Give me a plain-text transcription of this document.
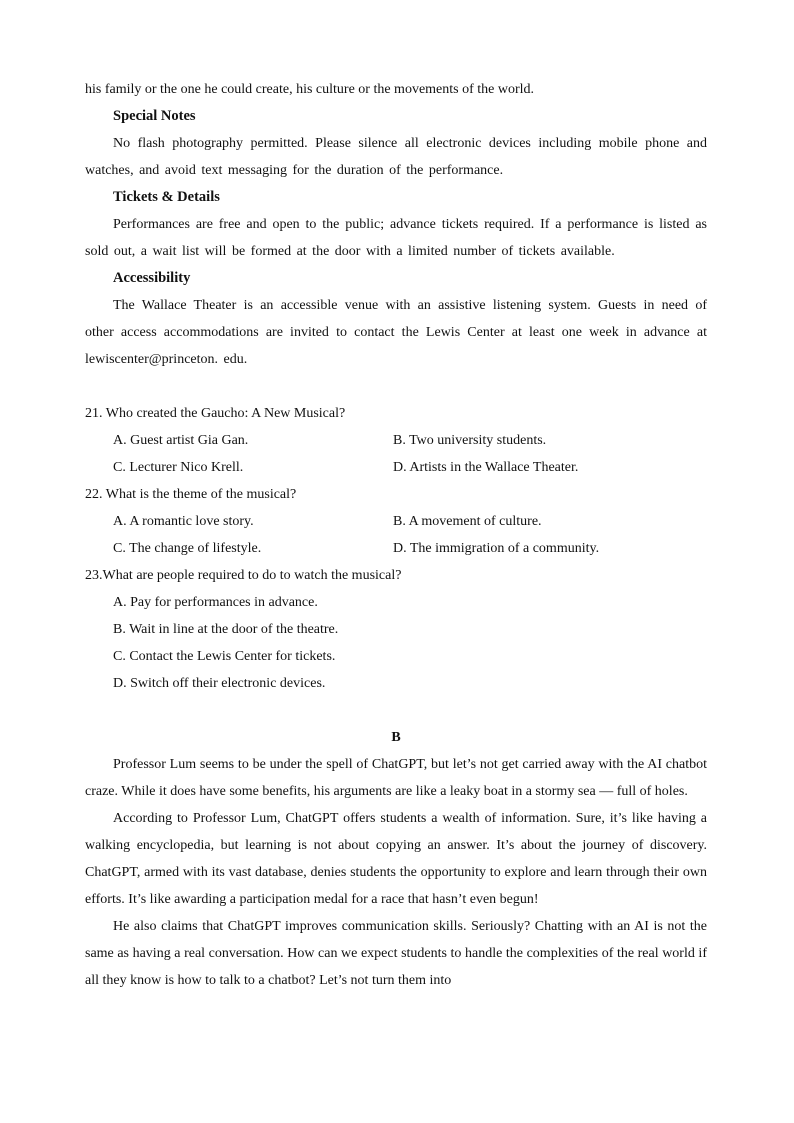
his family or the one he could create, his culture or the movements of the world.

Special Notes

No flash photography permitted. Please silence all electronic devices including mobile phone and watches, and avoid text messaging for the duration of the performance.

Tickets & Details

Performances are free and open to the public; advance tickets required. If a performance is listed as sold out, a wait list will be formed at the door with a limited number of tickets available.

Accessibility

The Wallace Theater is an accessible venue with an assistive listening system. Guests in need of other access accommodations are invited to contact the Lewis Center at least one week in advance at lewiscenter@princeton. edu.

21. Who created the Gaucho: A New Musical?

A. Guest artist Gia Gan.	B. Two university students.
C. Lecturer Nico Krell.	D. Artists in the Wallace Theater.

22. What is the theme of the musical?

A. A romantic love story.	B. A movement of culture.
C. The change of lifestyle.	D. The immigration of a community.

23.What are people required to do to watch the musical?

A. Pay for performances in advance.
B. Wait in line at the door of the theatre.
C. Contact the Lewis Center for tickets.
D. Switch off their electronic devices.
B

Professor Lum seems to be under the spell of ChatGPT, but let’s not get carried away with the AI chatbot craze. While it does have some benefits, his arguments are like a leaky boat in a stormy sea — full of holes.

According to Professor Lum, ChatGPT offers students a wealth of information. Sure, it’s like having a walking encyclopedia, but learning is not about copying an answer. It’s about the journey of discovery. ChatGPT, armed with its vast database, denies students the opportunity to explore and learn through their own efforts. It’s like awarding a participation medal for a race that hasn’t even begun!

He also claims that ChatGPT improves communication skills. Seriously? Chatting with an AI is not the same as having a real conversation. How can we expect students to handle the complexities of the real world if all they know is how to talk to a chatbot? Let’s not turn them into
